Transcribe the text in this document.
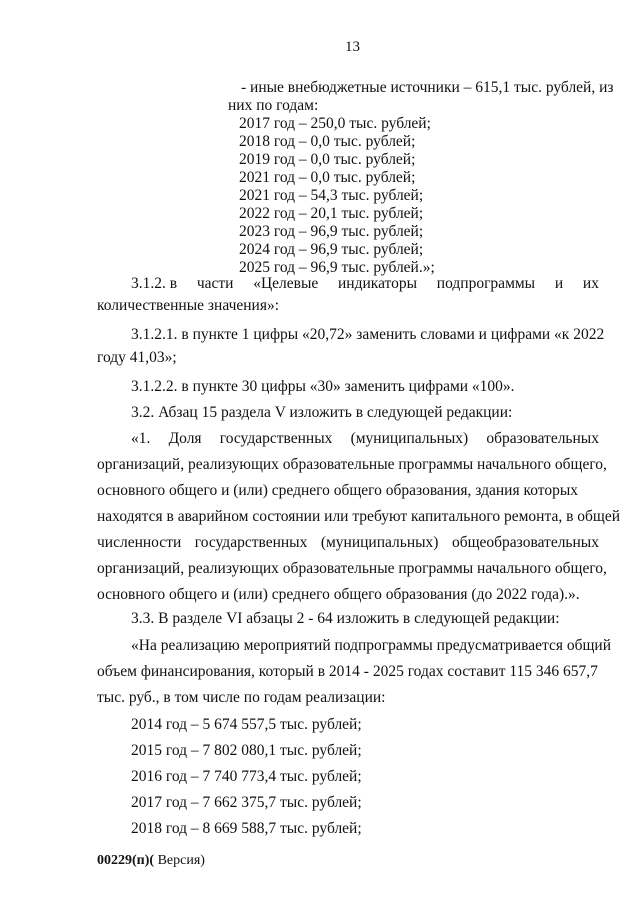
13
- иные внебюджетные источники – 615,1 тыс. рублей, из
них по годам:
2017 год – 250,0 тыс. рублей;
2018 год – 0,0 тыс. рублей;
2019 год – 0,0 тыс. рублей;
2021 год – 0,0 тыс. рублей;
2021 год – 54,3 тыс. рублей;
2022 год – 20,1 тыс. рублей;
2023 год – 96,9 тыс. рублей;
2024 год – 96,9 тыс. рублей;
2025 год – 96,9 тыс. рублей.»;
3.1.2. в части «Целевые индикаторы подпрограммы и их
количественные значения»:
3.1.2.1. в пункте 1 цифры «20,72» заменить словами и цифрами «к 2022
году 41,03»;
3.1.2.2. в пункте 30 цифры «30» заменить цифрами «100».
3.2. Абзац 15 раздела V изложить в следующей редакции:
«1. Доля государственных (муниципальных) образовательных
организаций, реализующих образовательные программы начального общего,
основного общего и (или) среднего общего образования, здания которых
находятся в аварийном состоянии или требуют капитального ремонта, в общей
численности государственных (муниципальных) общеобразовательных
организаций, реализующих образовательные программы начального общего,
основного общего и (или) среднего общего образования (до 2022 года).».
3.3. В разделе VI абзацы 2 - 64 изложить в следующей редакции:
«На реализацию мероприятий подпрограммы предусматривается общий
объем финансирования, который в 2014 - 2025 годах составит 115 346 657,7
тыс. руб., в том числе по годам реализации:
2014 год – 5 674 557,5 тыс. рублей;
2015 год – 7 802 080,1 тыс. рублей;
2016 год – 7 740 773,4 тыс. рублей;
2017 год – 7 662 375,7 тыс. рублей;
2018 год – 8 669 588,7 тыс. рублей;
00229(п)( Версия)
